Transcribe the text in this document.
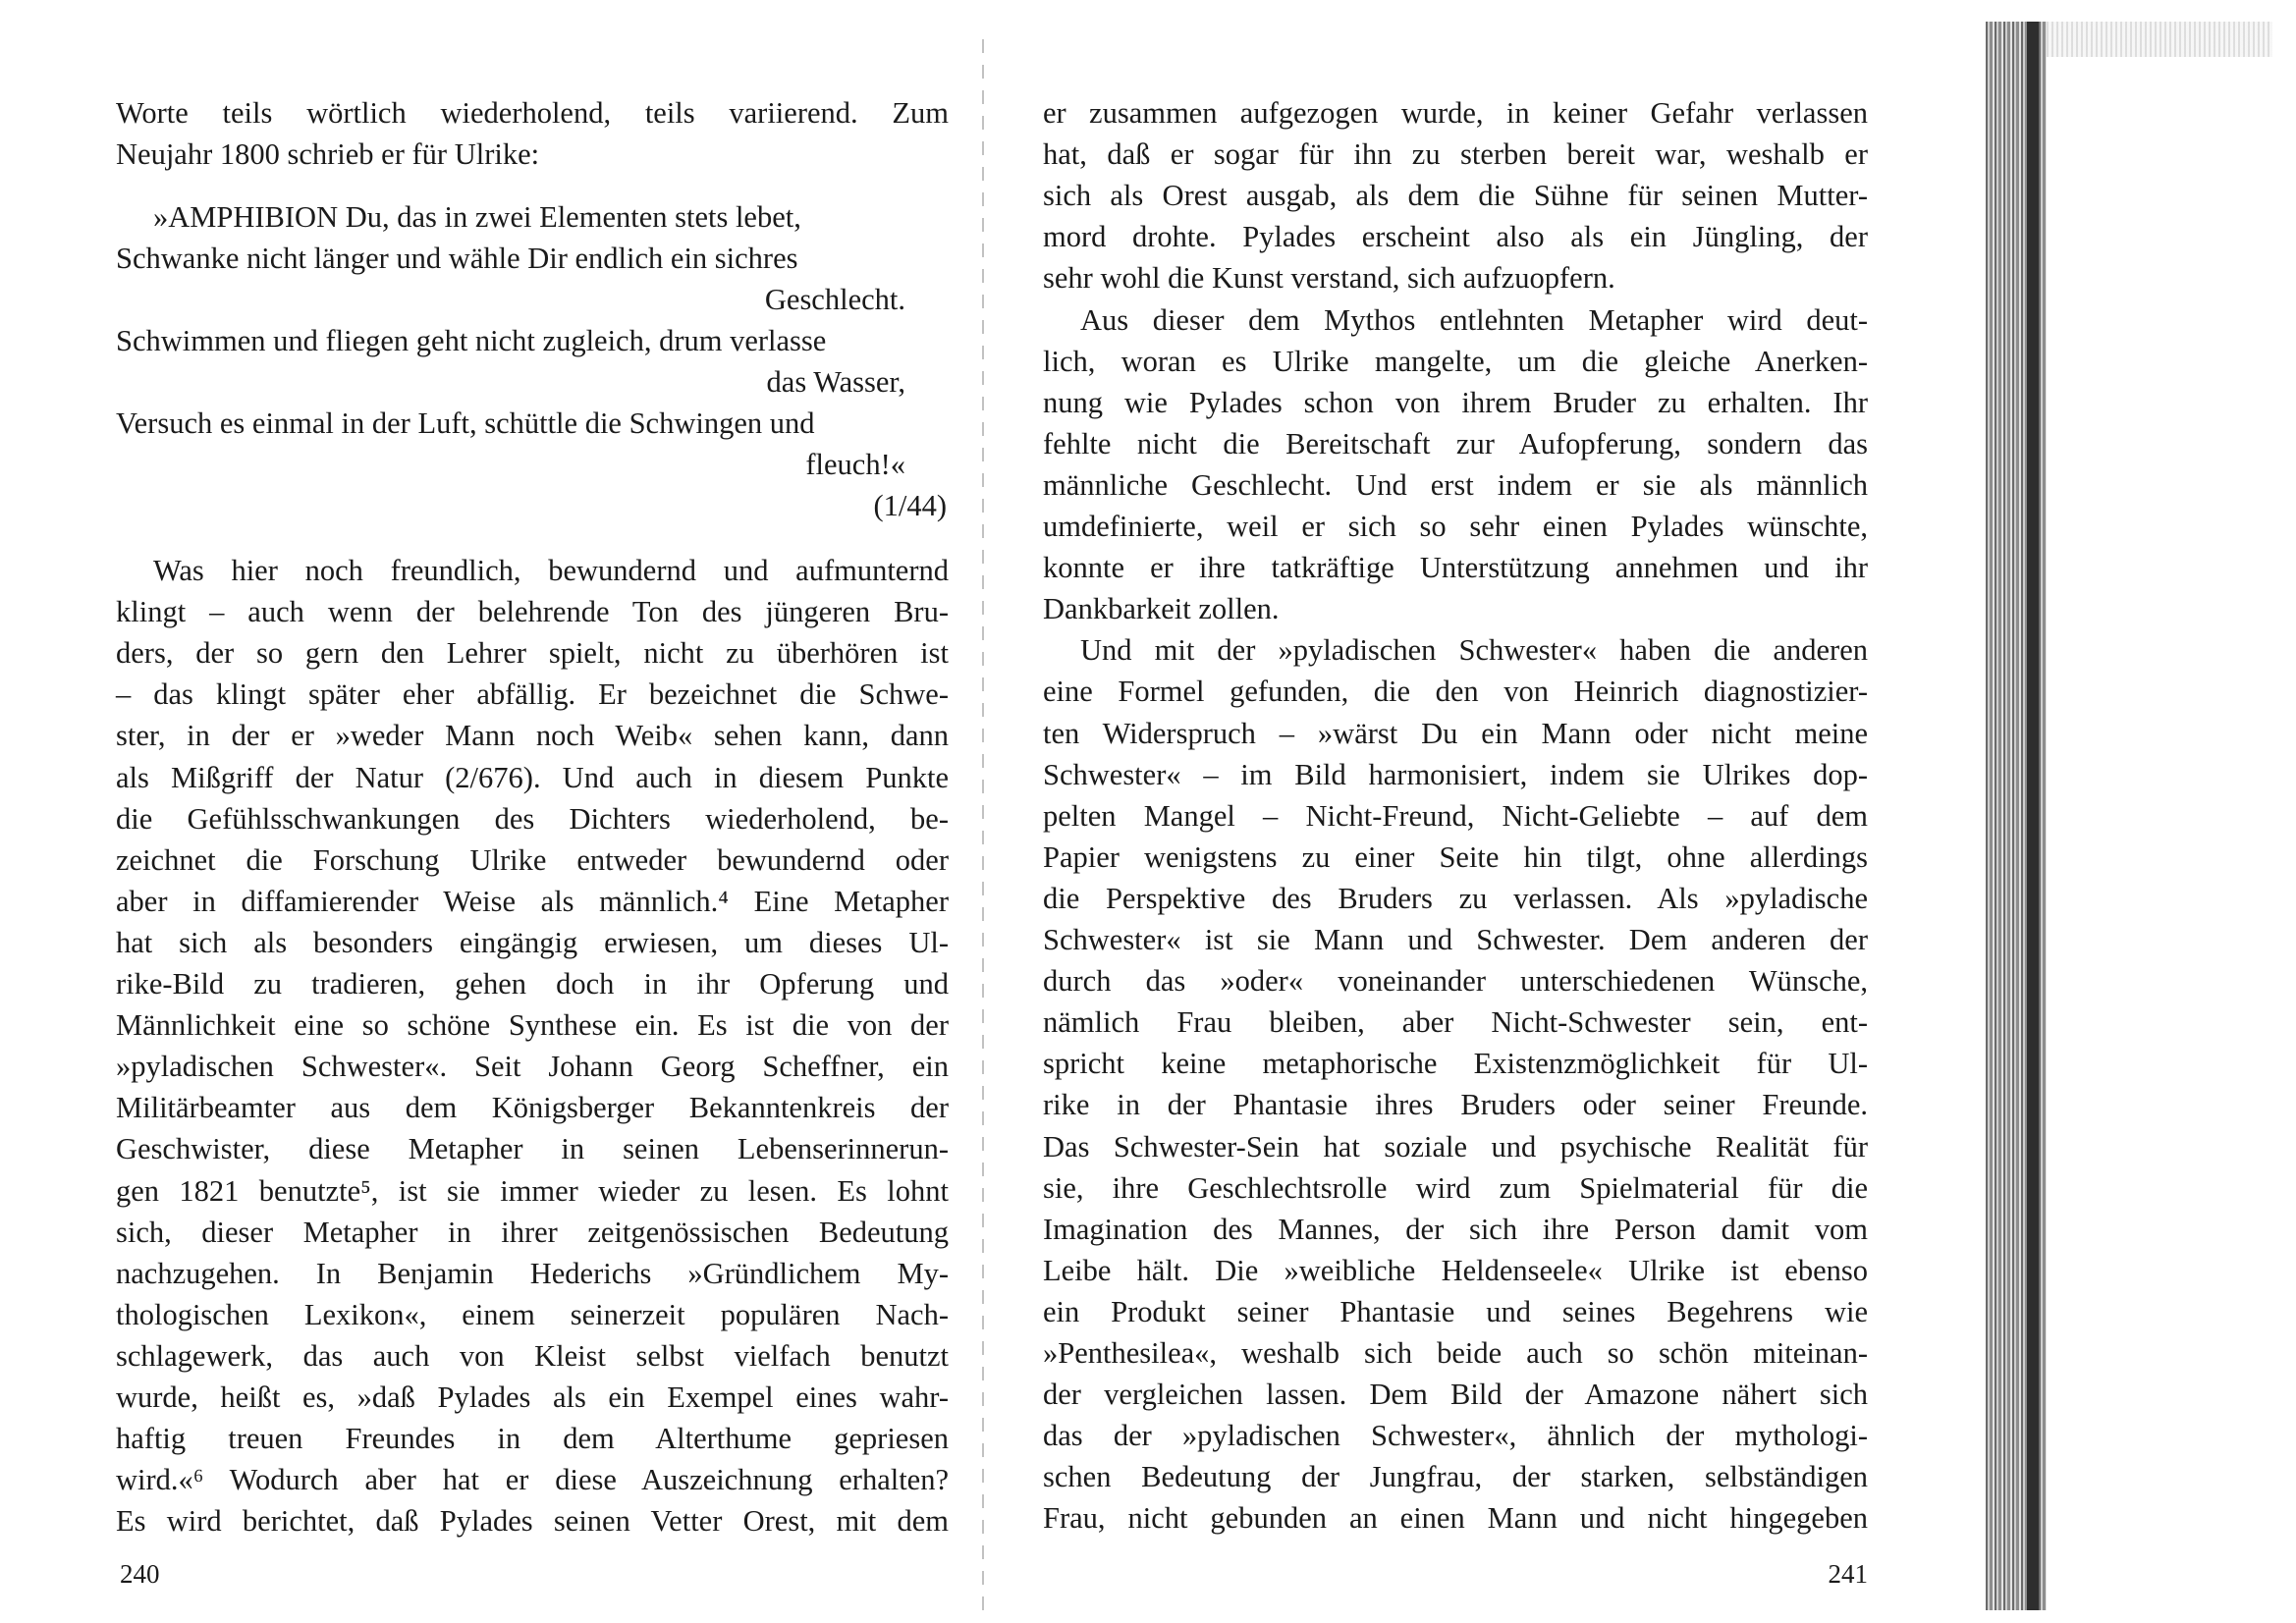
Worte teils wörtlich wiederholend, teils variierend. Zum
Neujahr 1800 schrieb er für Ulrike:
»AMPHIBION Du, das in zwei Elementen stets lebet,
Schwanke nicht länger und wähle Dir endlich ein sichres
Geschlecht.
Schwimmen und fliegen geht nicht zugleich, drum verlasse
das Wasser,
Versuch es einmal in der Luft, schüttle die Schwingen und
fleuch!«
(1/44)
Was hier noch freundlich, bewundernd und aufmunternd
klingt – auch wenn der belehrende Ton des jüngeren Bru-
ders, der so gern den Lehrer spielt, nicht zu überhören ist
– das klingt später eher abfällig. Er bezeichnet die Schwe-
ster, in der er »weder Mann noch Weib« sehen kann, dann
als Mißgriff der Natur (2/676). Und auch in diesem Punkte
die Gefühlsschwankungen des Dichters wiederholend, be-
zeichnet die Forschung Ulrike entweder bewundernd oder
aber in diffamierender Weise als männlich.⁴ Eine Metapher
hat sich als besonders eingängig erwiesen, um dieses Ul-
rike-Bild zu tradieren, gehen doch in ihr Opferung und
Männlichkeit eine so schöne Synthese ein. Es ist die von der
»pyladischen Schwester«. Seit Johann Georg Scheffner, ein
Militärbeamter aus dem Königsberger Bekanntenkreis der
Geschwister, diese Metapher in seinen Lebenserinnerun-
gen 1821 benutzte⁵, ist sie immer wieder zu lesen. Es lohnt
sich, dieser Metapher in ihrer zeitgenössischen Bedeutung
nachzugehen. In Benjamin Hederichs »Gründlichem My-
thologischen Lexikon«, einem seinerzeit populären Nach-
schlagewerk, das auch von Kleist selbst vielfach benutzt
wurde, heißt es, »daß Pylades als ein Exempel eines wahr-
haftig treuen Freundes in dem Alterthume gepriesen
wird.«⁶ Wodurch aber hat er diese Auszeichnung erhalten?
Es wird berichtet, daß Pylades seinen Vetter Orest, mit dem
240
er zusammen aufgezogen wurde, in keiner Gefahr verlassen
hat, daß er sogar für ihn zu sterben bereit war, weshalb er
sich als Orest ausgab, als dem die Sühne für seinen Mutter-
mord drohte. Pylades erscheint also als ein Jüngling, der
sehr wohl die Kunst verstand, sich aufzuopfern.
Aus dieser dem Mythos entlehnten Metapher wird deut-
lich, woran es Ulrike mangelte, um die gleiche Anerken-
nung wie Pylades schon von ihrem Bruder zu erhalten. Ihr
fehlte nicht die Bereitschaft zur Aufopferung, sondern das
männliche Geschlecht. Und erst indem er sie als männlich
umdefinierte, weil er sich so sehr einen Pylades wünschte,
konnte er ihre tatkräftige Unterstützung annehmen und ihr
Dankbarkeit zollen.
Und mit der »pyladischen Schwester« haben die anderen
eine Formel gefunden, die den von Heinrich diagnostizier-
ten Widerspruch – »wärst Du ein Mann oder nicht meine
Schwester« – im Bild harmonisiert, indem sie Ulrikes dop-
pelten Mangel – Nicht-Freund, Nicht-Geliebte – auf dem
Papier wenigstens zu einer Seite hin tilgt, ohne allerdings
die Perspektive des Bruders zu verlassen. Als »pyladische
Schwester« ist sie Mann und Schwester. Dem anderen der
durch das »oder« voneinander unterschiedenen Wünsche,
nämlich Frau bleiben, aber Nicht-Schwester sein, ent-
spricht keine metaphorische Existenzmöglichkeit für Ul-
rike in der Phantasie ihres Bruders oder seiner Freunde.
Das Schwester-Sein hat soziale und psychische Realität für
sie, ihre Geschlechtsrolle wird zum Spielmaterial für die
Imagination des Mannes, der sich ihre Person damit vom
Leibe hält. Die »weibliche Heldenseele« Ulrike ist ebenso
ein Produkt seiner Phantasie und seines Begehrens wie
»Penthesilea«, weshalb sich beide auch so schön miteinan-
der vergleichen lassen. Dem Bild der Amazone nähert sich
das der »pyladischen Schwester«, ähnlich der mythologi-
schen Bedeutung der Jungfrau, der starken, selbständigen
Frau, nicht gebunden an einen Mann und nicht hingegeben
241
